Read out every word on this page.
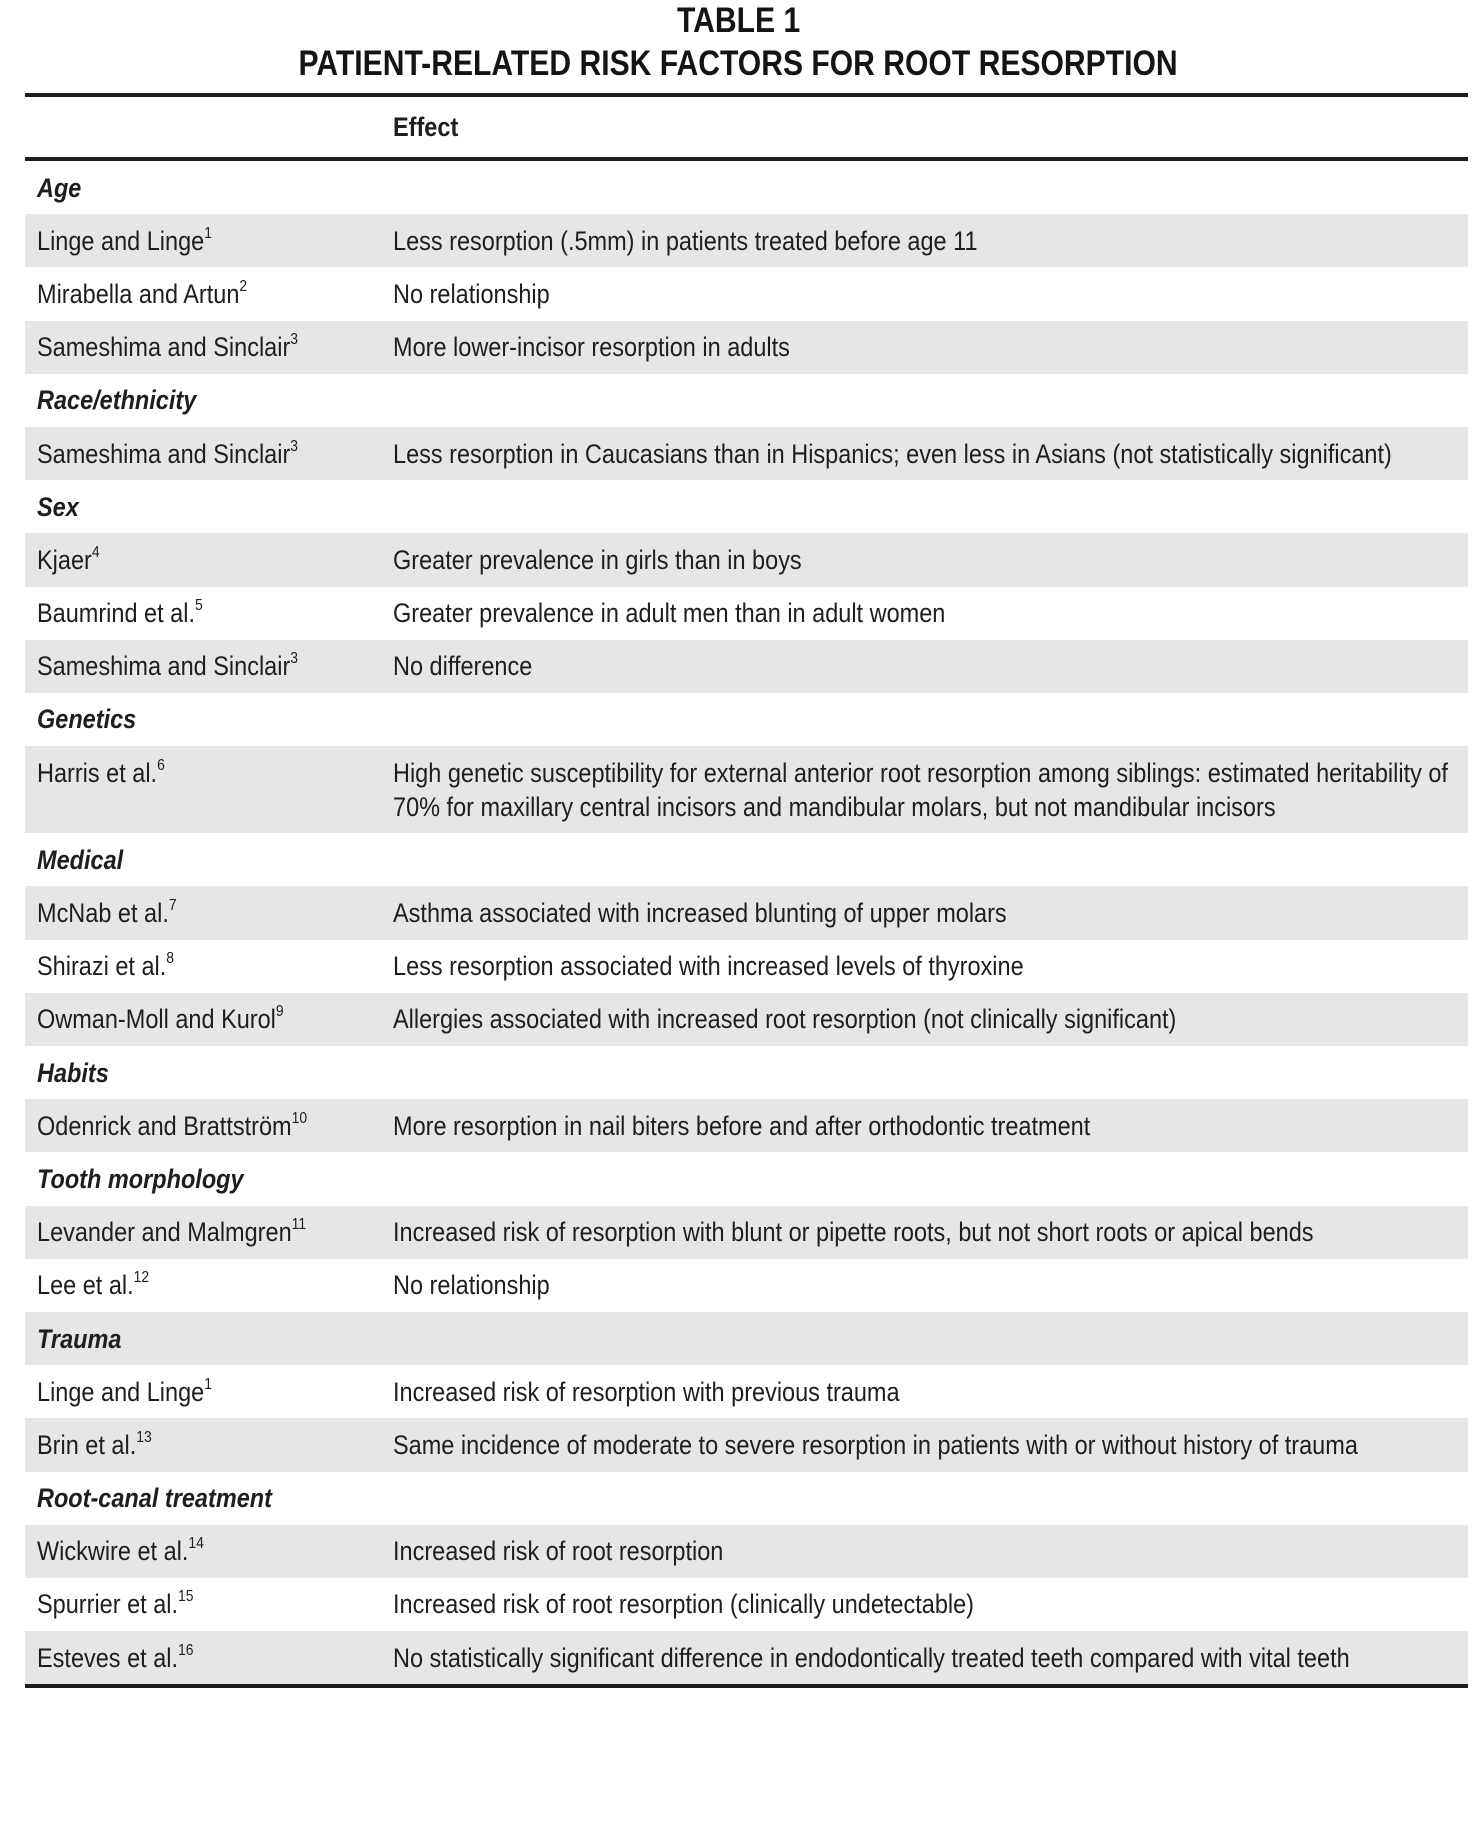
TABLE 1
PATIENT-RELATED RISK FACTORS FOR ROOT RESORPTION
Effect
Age
Linge and Linge$^1$	Less resorption (.5mm) in patients treated before age 11
Mirabella and Artun$^2$	No relationship
Sameshima and Sinclair$^3$	More lower-incisor resorption in adults
Race/ethnicity
Sameshima and Sinclair$^3$	Less resorption in Caucasians than in Hispanics; even less in Asians (not statistically significant)
Sex
Kjaer$^4$	Greater prevalence in girls than in boys
Baumrind et al.$^5$	Greater prevalence in adult men than in adult women
Sameshima and Sinclair$^3$	No difference
Genetics
Harris et al.$^6$	High genetic susceptibility for external anterior root resorption among siblings: estimated heritability of 70% for maxillary central incisors and mandibular molars, but not mandibular incisors
Medical
McNab et al.$^7$	Asthma associated with increased blunting of upper molars
Shirazi et al.$^8$	Less resorption associated with increased levels of thyroxine
Owman-Moll and Kurol$^9$	Allergies associated with increased root resorption (not clinically significant)
Habits
Odenrick and Brattström$^{10}$	More resorption in nail biters before and after orthodontic treatment
Tooth morphology
Levander and Malmgren$^{11}$	Increased risk of resorption with blunt or pipette roots, but not short roots or apical bends
Lee et al.$^{12}$	No relationship
Trauma
Linge and Linge$^1$	Increased risk of resorption with previous trauma
Brin et al.$^{13}$	Same incidence of moderate to severe resorption in patients with or without history of trauma
Root-canal treatment
Wickwire et al.$^{14}$	Increased risk of root resorption
Spurrier et al.$^{15}$	Increased risk of root resorption (clinically undetectable)
Esteves et al.$^{16}$	No statistically significant difference in endodontically treated teeth compared with vital teeth
